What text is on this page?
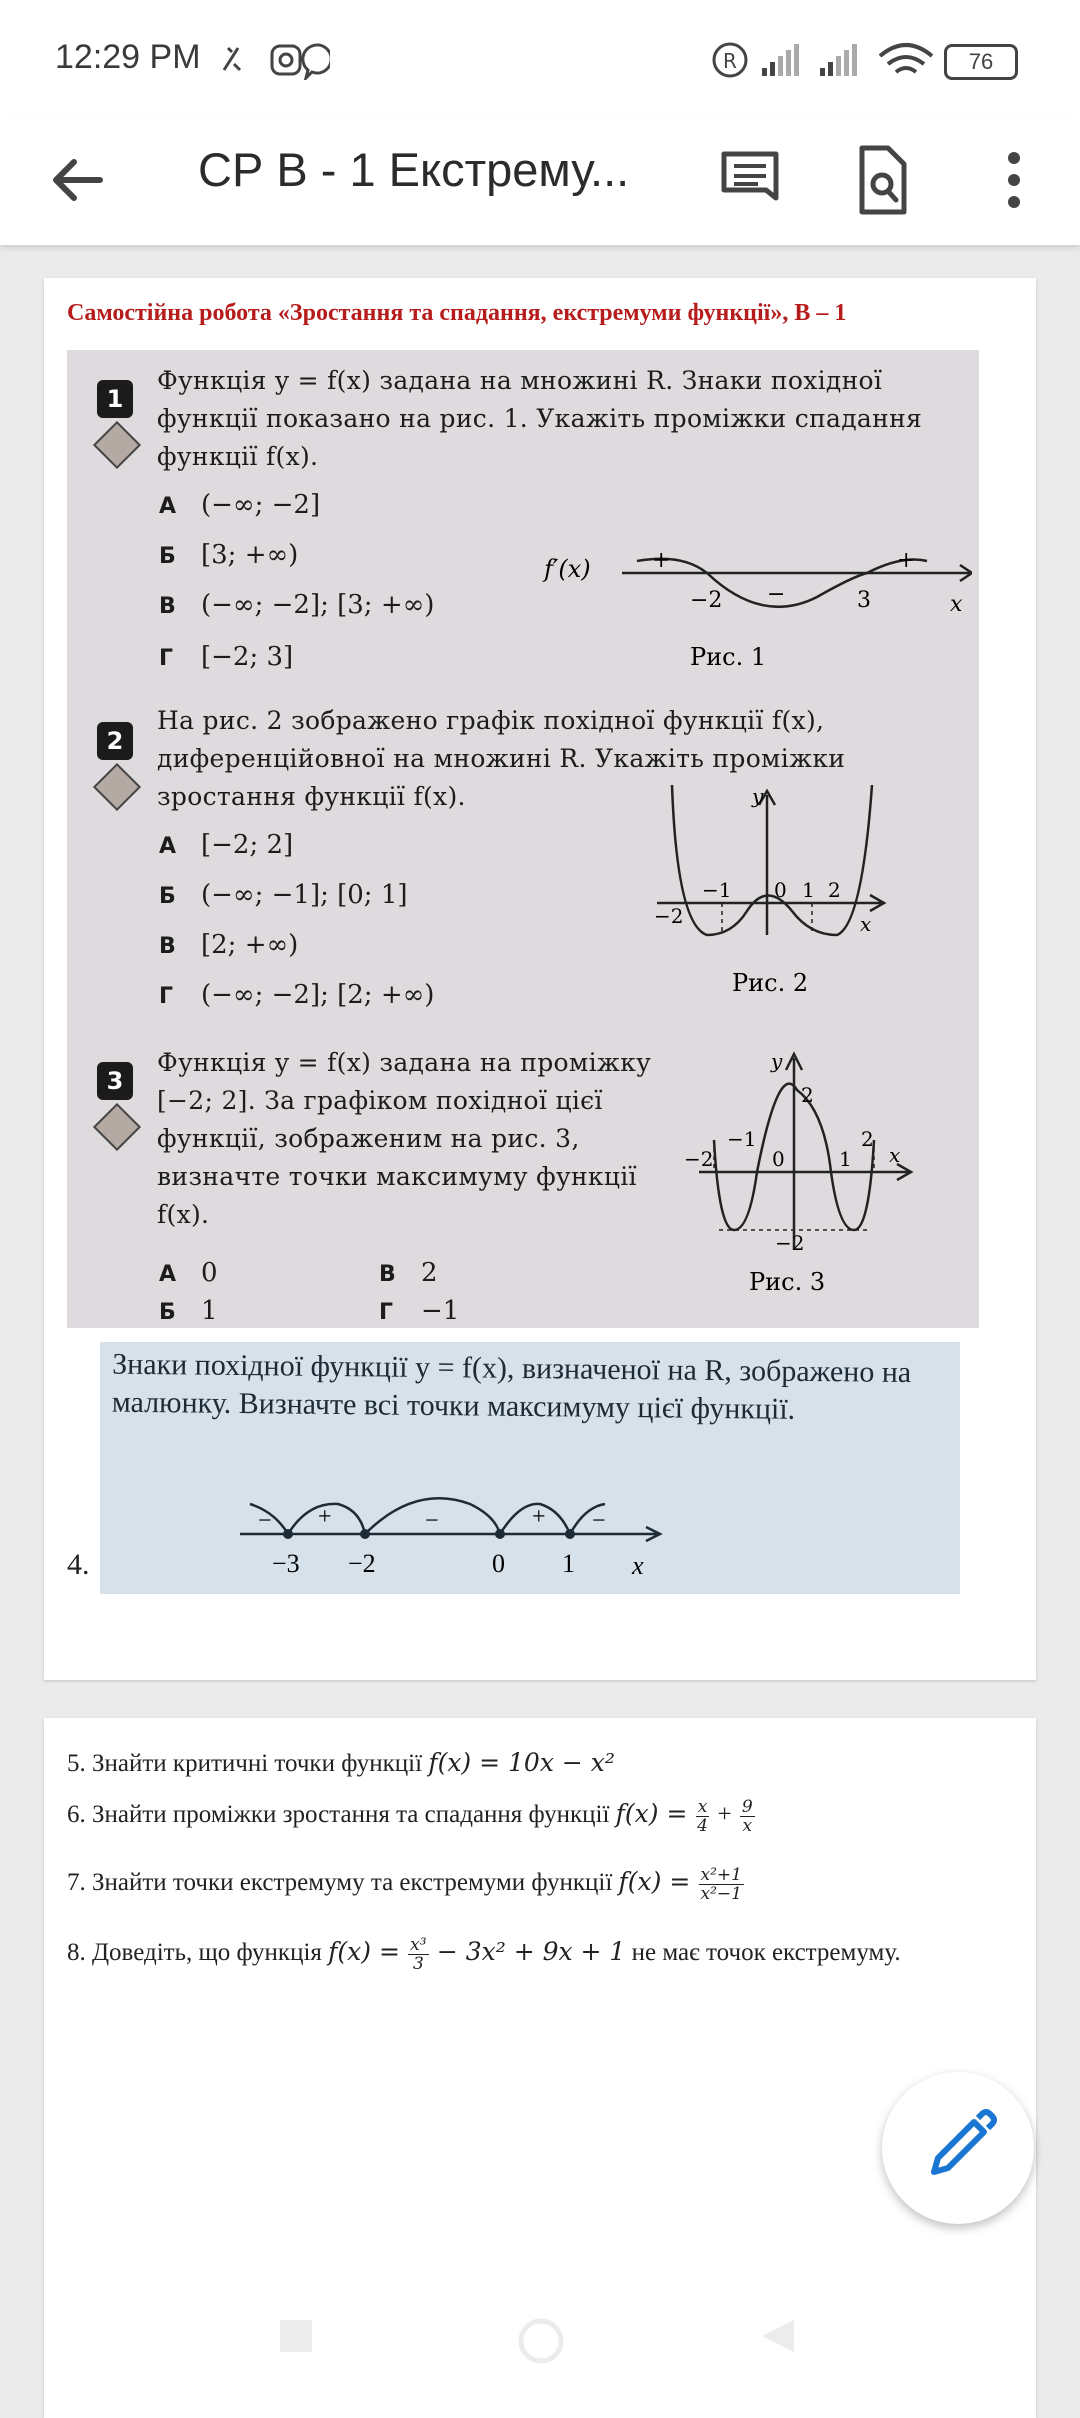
12:29 PM	R	76
СР В - 1 Екстрему...
Самостійна робота «Зростання та спадання, екстремуми функції», В – 1
1
Функція y = f(x) задана на множині R. Знаки похідної функції показано на рис. 1. Укажіть проміжки спадання функції f(x).
А (−∞; −2]
Б [3; +∞)
В (−∞; −2]; [3; +∞)
Г [−2; 3]
f′(x)	+
−
+
−2	3	x
Рис. 1
2
На рис. 2 зображено графік похідної функції f(x), диференційовної на множині R. Укажіть проміжки зростання функції f(x).
А [−2; 2]
Б (−∞; −1]; [0; 1]
В [2; +∞)
Г (−∞; −2]; [2; +∞)
y
x
−2
−1 0 1 2
Рис. 2
3
Функція y = f(x) задана на проміжку [−2; 2]. За графіком похідної цієї функції, зображеним на рис. 3, визначте точки максимуму функції f(x).
А 0
Б 1
В 2
Г −1
y
2
−2
x
−2
−1
0	1
2
Рис. 3
Знаки похідної функції y = f(x), визначеної на R, зображено на малюнку. Визначте всі точки максимуму цієї функції.
− +	−	+ −
−3 −2	0 1 x
4.
5. Знайти критичні точки функції f(x) = 10x − x²
6. Знайти проміжки зростання та спадання функції $f(x) = \frac{x}{4} + \frac{9}{x}$
7. Знайти точки екстремуму та екстремуми функції $f(x) = \frac{\text{x²+1}}{\text{x²−1}}$
8. Доведіть, що функція $f(x) = \frac{\text{x³}}{3} - 3x^2 + 9x + 1$ не має точок екстремуму.
